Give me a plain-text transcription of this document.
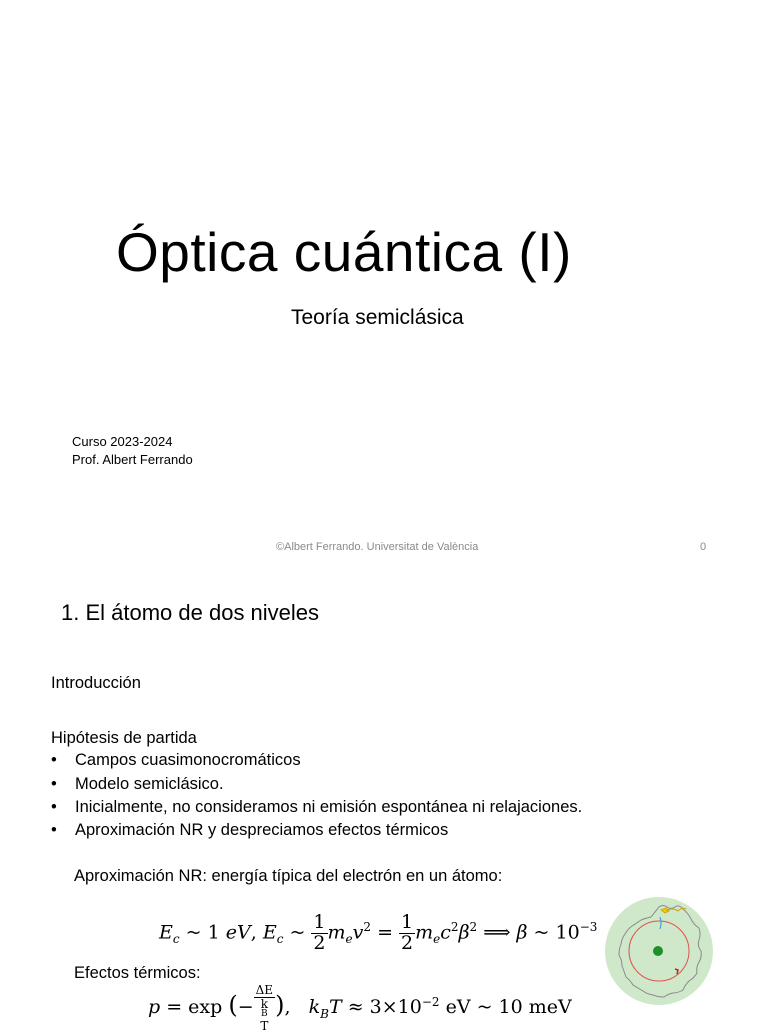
Óptica cuántica (I)
Teoría semiclásica
Curso 2023-2024
Prof. Albert Ferrando
©Albert Ferrando. Universitat de València	0
1. El átomo de dos niveles
Introducción
Hipótesis de partida
• Campos cuasimonocromáticos
• Modelo semiclásico.
• Inicialmente, no consideramos ni emisión espontánea ni relajaciones.
• Aproximación NR y despreciamos efectos térmicos
Aproximación NR: energía típica del electrón en un átomo:
$E_c$ ~ 1 eV, $E_c$ ~ $\frac{1}{2} m_ev^2 = \frac{1}{2} m_ec^2\beta^2$ ⟹ β ~ $10^{-3}$
Efectos térmicos:
p = exp (− ΔE
k
B
T ), $k_BT \approx 3\times 10^{-2}$ eV ~ 10 meV
